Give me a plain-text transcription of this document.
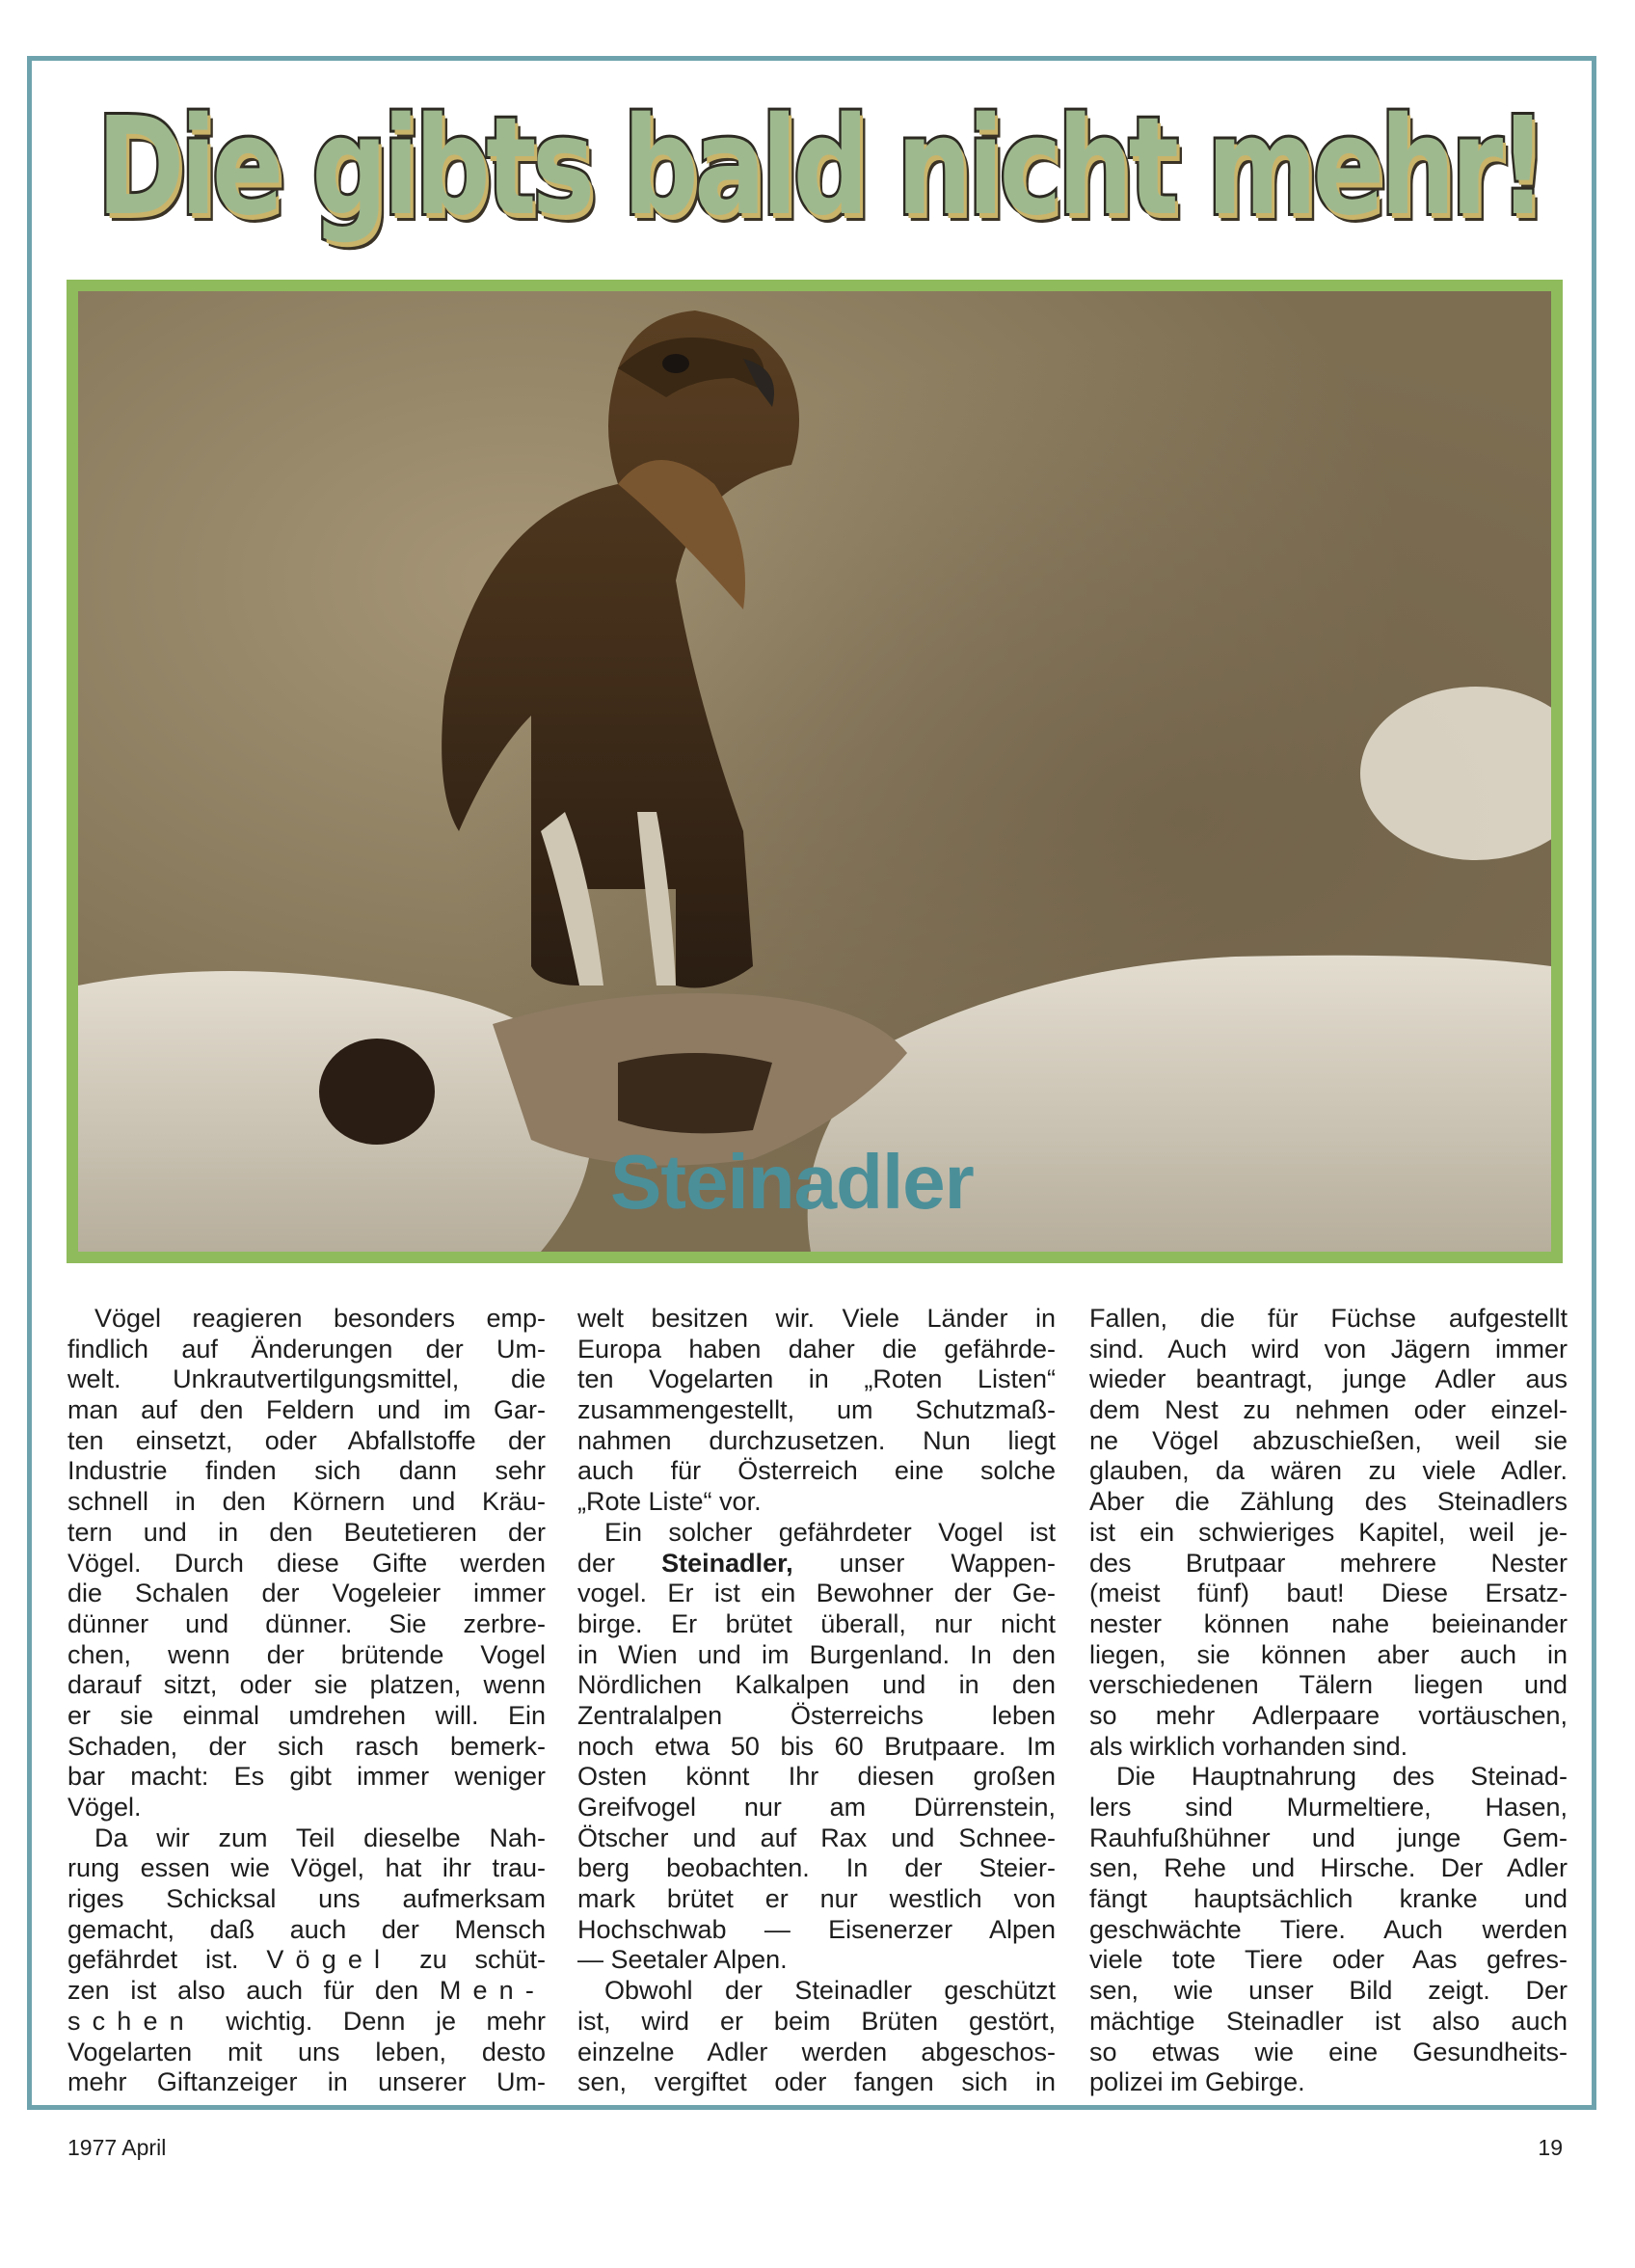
Die gibts bald nicht mehr!
Steinadler
Vögel reagieren besonders emp-
findlich auf Änderungen der Um-
welt. Unkrautvertilgungsmittel, die
man auf den Feldern und im Gar-
ten einsetzt, oder Abfallstoffe der
Industrie finden sich dann sehr
schnell in den Körnern und Kräu-
tern und in den Beutetieren der
Vögel. Durch diese Gifte werden
die Schalen der Vogeleier immer
dünner und dünner. Sie zerbre-
chen, wenn der brütende Vogel
darauf sitzt, oder sie platzen, wenn
er sie einmal umdrehen will. Ein
Schaden, der sich rasch bemerk-
bar macht: Es gibt immer weniger
Vögel.
Da wir zum Teil dieselbe Nah-
rung essen wie Vögel, hat ihr trau-
riges Schicksal uns aufmerksam
gemacht, daß auch der Mensch
gefährdet ist. Vögel zu schüt-
zen ist also auch für den Men-
schen wichtig. Denn je mehr
Vogelarten mit uns leben, desto
mehr Giftanzeiger in unserer Um-
welt besitzen wir. Viele Länder in
Europa haben daher die gefährde-
ten Vogelarten in „Roten Listen“
zusammengestellt, um Schutzmaß-
nahmen durchzusetzen. Nun liegt
auch für Österreich eine solche
„Rote Liste“ vor.
Ein solcher gefährdeter Vogel ist
der Steinadler, unser Wappen-
vogel. Er ist ein Bewohner der Ge-
birge. Er brütet überall, nur nicht
in Wien und im Burgenland. In den
Nördlichen Kalkalpen und in den
Zentralalpen Österreichs leben
noch etwa 50 bis 60 Brutpaare. Im
Osten könnt Ihr diesen großen
Greifvogel nur am Dürrenstein,
Ötscher und auf Rax und Schnee-
berg beobachten. In der Steier-
mark brütet er nur westlich von
Hochschwab — Eisenerzer Alpen
— Seetaler Alpen.
Obwohl der Steinadler geschützt
ist, wird er beim Brüten gestört,
einzelne Adler werden abgeschos-
sen, vergiftet oder fangen sich in
Fallen, die für Füchse aufgestellt
sind. Auch wird von Jägern immer
wieder beantragt, junge Adler aus
dem Nest zu nehmen oder einzel-
ne Vögel abzuschießen, weil sie
glauben, da wären zu viele Adler.
Aber die Zählung des Steinadlers
ist ein schwieriges Kapitel, weil je-
des Brutpaar mehrere Nester
(meist fünf) baut! Diese Ersatz-
nester können nahe beieinander
liegen, sie können aber auch in
verschiedenen Tälern liegen und
so mehr Adlerpaare vortäuschen,
als wirklich vorhanden sind.
Die Hauptnahrung des Steinad-
lers sind Murmeltiere, Hasen,
Rauhfußhühner und junge Gem-
sen, Rehe und Hirsche. Der Adler
fängt hauptsächlich kranke und
geschwächte Tiere. Auch werden
viele tote Tiere oder Aas gefres-
sen, wie unser Bild zeigt. Der
mächtige Steinadler ist also auch
so etwas wie eine Gesundheits-
polizei im Gebirge.
1977 April	19
